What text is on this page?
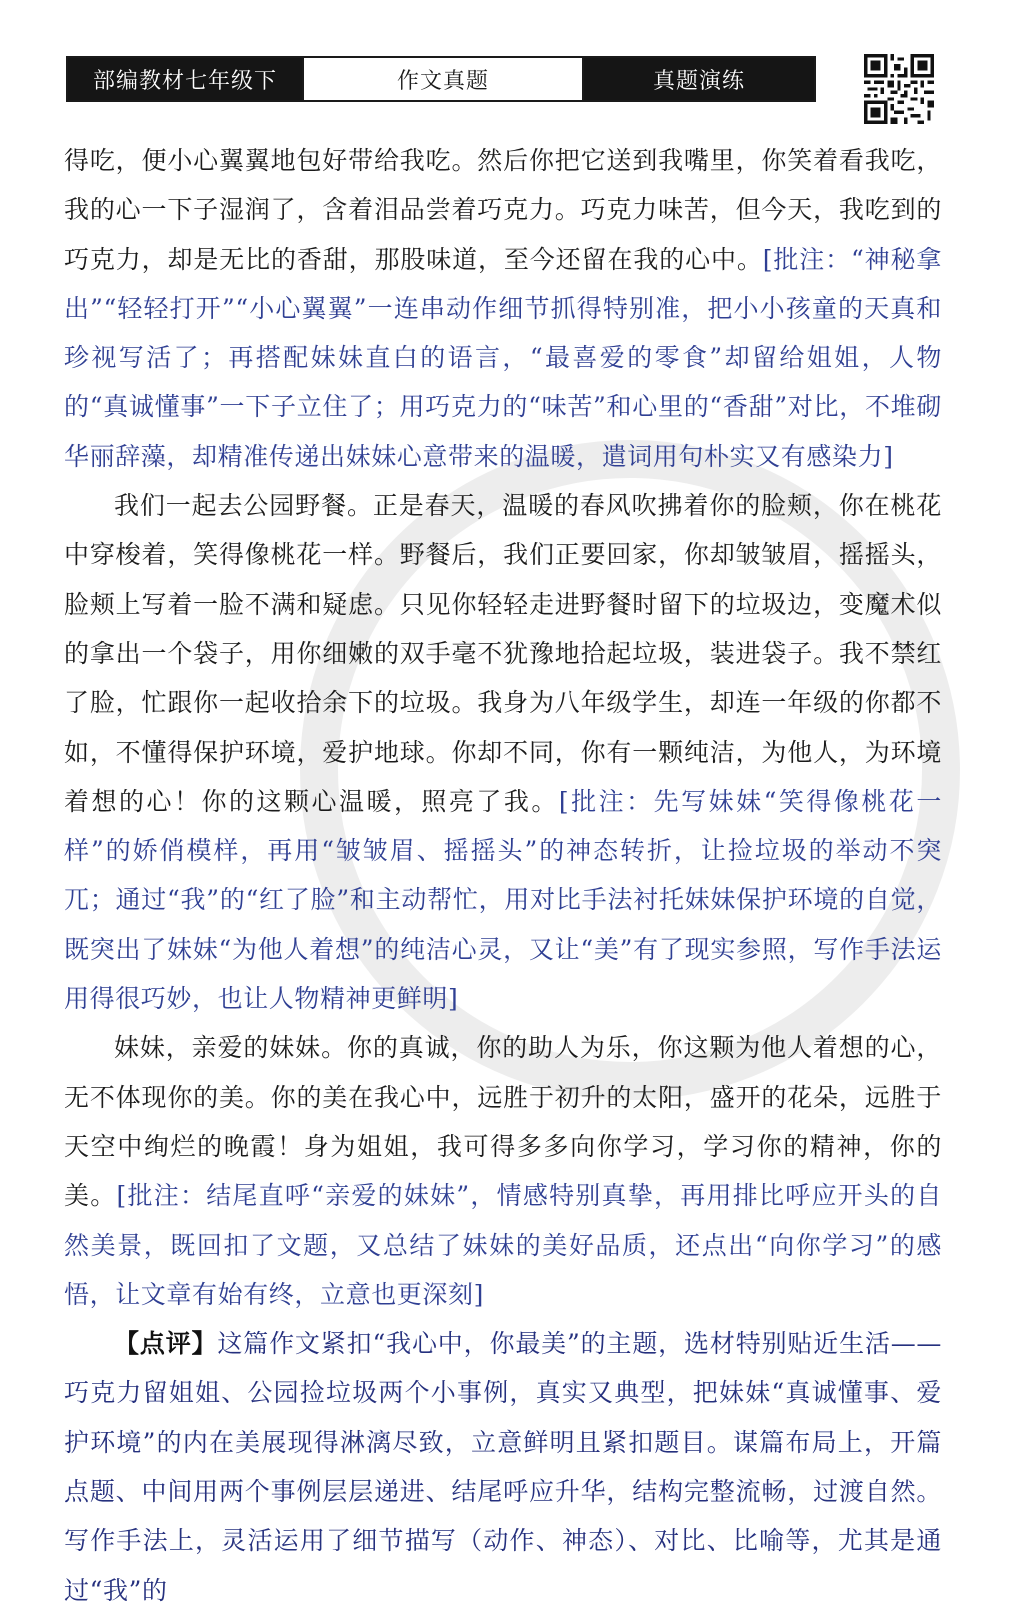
部编教材七年级下	作文真题	真题演练

得吃，便小心翼翼地包好带给我吃。然后你把它送到我嘴里，你笑着看我吃，我的心一下子湿润了，含着泪品尝着巧克力。巧克力味苦，但今天，我吃到的巧克力，却是无比的香甜，那股味道，至今还留在我的心中。[批注：“神秘拿出”“轻轻打开”“小心翼翼”一连串动作细节抓得特别准，把小小孩童的天真和珍视写活了；再搭配妹妹直白的语言，“最喜爱的零食”却留给姐姐，人物的“真诚懂事”一下子立住了；用巧克力的“味苦”和心里的“香甜”对比，不堆砌华丽辞藻，却精准传递出妹妹心意带来的温暖，遣词用句朴实又有感染力]

我们一起去公园野餐。正是春天，温暖的春风吹拂着你的脸颊，你在桃花中穿梭着，笑得像桃花一样。野餐后，我们正要回家，你却皱皱眉，摇摇头，脸颊上写着一脸不满和疑虑。只见你轻轻走进野餐时留下的垃圾边，变魔术似的拿出一个袋子，用你细嫩的双手毫不犹豫地拾起垃圾，装进袋子。我不禁红了脸，忙跟你一起收拾余下的垃圾。我身为八年级学生，却连一年级的你都不如，不懂得保护环境，爱护地球。你却不同，你有一颗纯洁，为他人，为环境着想的心！你的这颗心温暖，照亮了我。[批注：先写妹妹“笑得像桃花一样”的娇俏模样，再用“皱皱眉、摇摇头”的神态转折，让捡垃圾的举动不突兀；通过“我”的“红了脸”和主动帮忙，用对比手法衬托妹妹保护环境的自觉，既突出了妹妹“为他人着想”的纯洁心灵，又让“美”有了现实参照，写作手法运用得很巧妙，也让人物精神更鲜明]

妹妹，亲爱的妹妹。你的真诚，你的助人为乐，你这颗为他人着想的心，无不体现你的美。你的美在我心中，远胜于初升的太阳，盛开的花朵，远胜于天空中绚烂的晚霞！身为姐姐，我可得多多向你学习，学习你的精神，你的美。[批注：结尾直呼“亲爱的妹妹”，情感特别真挚，再用排比呼应开头的自然美景，既回扣了文题，又总结了妹妹的美好品质，还点出“向你学习”的感悟，让文章有始有终，立意也更深刻]

【点评】这篇作文紧扣“我心中，你最美”的主题，选材特别贴近生活——巧克力留姐姐、公园捡垃圾两个小事例，真实又典型，把妹妹“真诚懂事、爱护环境”的内在美展现得淋漓尽致，立意鲜明且紧扣题目。谋篇布局上，开篇点题、中间用两个事例层层递进、结尾呼应升华，结构完整流畅，过渡自然。写作手法上，灵活运用了细节描写（动作、神态）、对比、比喻等，尤其是通过“我”的
